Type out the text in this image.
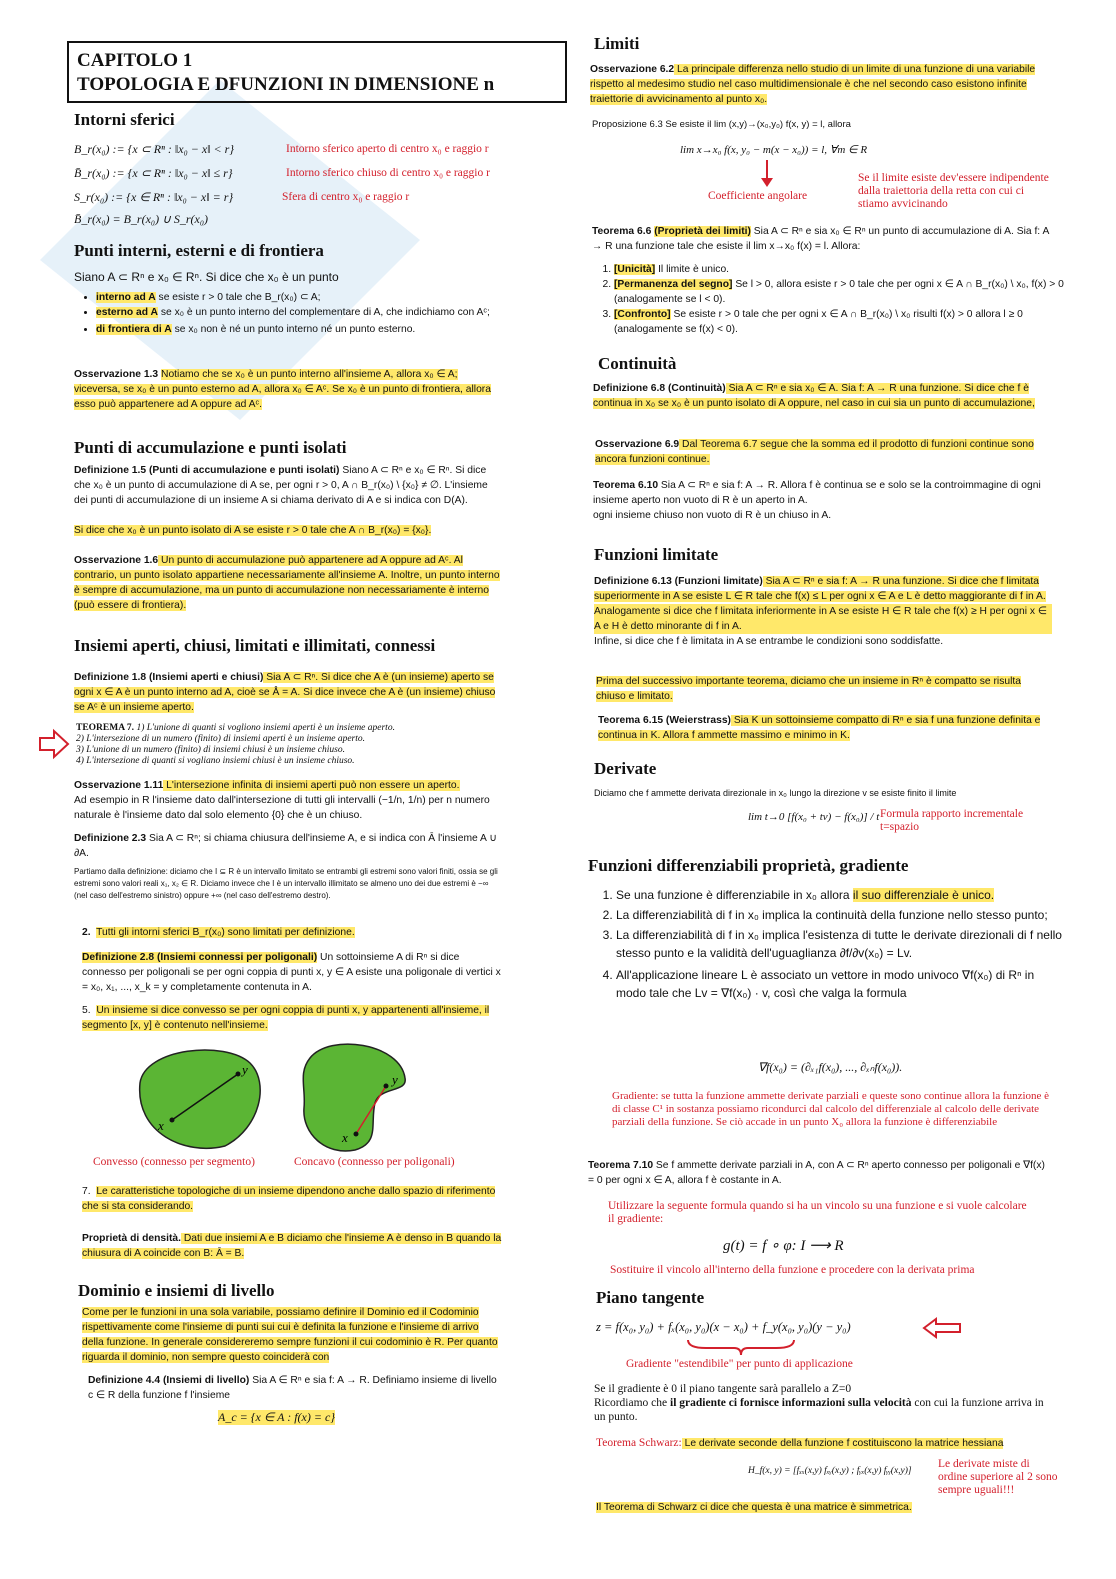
CAPITOLO 1
TOPOLOGIA E DFUNZIONI IN DIMENSIONE n
Intorni sferici
B_r(x₀) := {x ⊂ Rⁿ : ‖x₀ − x‖ < r}	Intorno sferico aperto di centro x₀ e raggio r
B̄_r(x₀) := {x ⊂ Rⁿ : ‖x₀ − x‖ ≤ r}	Intorno sferico chiuso di centro x₀ e raggio r
S_r(x₀) := {x ∈ Rⁿ : ‖x₀ − x‖ = r}	Sfera di centro x₀ e raggio r
B̄_r(x₀) = B_r(x₀) ∪ S_r(x₀)
Punti interni, esterni e di frontiera
Siano A ⊂ Rⁿ e x₀ ∈ Rⁿ. Si dice che x₀ è un punto
• interno ad A se esiste r > 0 tale che B_r(x₀) ⊂ A;
• esterno ad A se x₀ è un punto interno del complementare di A, che indichiamo con Aᶜ;
• di frontiera di A se x₀ non è né un punto interno né un punto esterno.
Osservazione 1.3 Notiamo che se x₀ è un punto interno all'insieme A, allora x₀ ∈ A; viceversa, se x₀ è un punto esterno ad A, allora x₀ ∈ Aᶜ. Se x₀ è un punto di frontiera, allora esso può appartenere ad A oppure ad Aᶜ.
Punti di accumulazione e punti isolati
Definizione 1.5 (Punti di accumulazione e punti isolati) Siano A ⊂ Rⁿ e x₀ ∈ Rⁿ. Si dice che x₀ è un punto di accumulazione di A se, per ogni r > 0, A ∩ B_r(x₀) \ {x₀} ≠ ∅. L'insieme dei punti di accumulazione di un insieme A si chiama derivato di A e si indica con D(A).
Si dice che x₀ è un punto isolato di A se esiste r > 0 tale che A ∩ B_r(x₀) = {x₀}.
Osservazione 1.6 Un punto di accumulazione può appartenere ad A oppure ad Aᶜ. Al contrario, un punto isolato appartiene necessariamente all'insieme A. Inoltre, un punto interno è sempre di accumulazione, ma un punto di accumulazione non necessariamente è interno (può essere di frontiera).
Insiemi aperti, chiusi, limitati e illimitati, connessi
Definizione 1.8 (Insiemi aperti e chiusi) Sia A ⊂ Rⁿ. Si dice che A è (un insieme) aperto se ogni x ∈ A è un punto interno ad A, cioè se Å = A. Si dice invece che A è (un insieme) chiuso se Aᶜ è un insieme aperto.
TEOREMA 7. 1) L'unione di quanti si vogliono insiemi aperti è un insieme aperto.
2) L'intersezione di un numero (finito) di insiemi aperti è un insieme aperto.
3) L'unione di un numero (finito) di insiemi chiusi è un insieme chiuso.
4) L'intersezione di quanti si vogliano insiemi chiusi è un insieme chiuso.
Osservazione 1.11 L'intersezione infinita di insiemi aperti può non essere un aperto.
Ad esempio in R l'insieme dato dall'intersezione di tutti gli intervalli (−1/n, 1/n) per n numero naturale è l'insieme dato dal solo elemento {0} che è un chiuso.
Definizione 2.3 Sia A ⊂ Rⁿ; si chiama chiusura dell'insieme A, e si indica con Ā l'insieme A ∪ ∂A.
Partiamo dalla definizione: diciamo che I ⊆ R è un intervallo limitato se entrambi gli estremi sono valori finiti, ossia se gli estremi sono valori reali x₁, x₂ ∈ R. Diciamo invece che I è un intervallo illimitato se almeno uno dei due estremi è −∞ (nel caso dell'estremo sinistro) oppure +∞ (nel caso dell'estremo destro).
2. Tutti gli intorni sferici B_r(x₀) sono limitati per definizione.
Definizione 2.8 (Insiemi connessi per poligonali) Un sottoinsieme A di Rⁿ si dice connesso per poligonali se per ogni coppia di punti x, y ∈ A esiste una poligonale di vertici x = x₀, x₁, ..., x_k = y completamente contenuta in A.
5. Un insieme si dice convesso se per ogni coppia di punti x, y appartenenti all'insieme, il segmento [x, y] è contenuto nell'insieme.
x
y
x
y
Convesso (connesso per segmento)	Concavo (connesso per poligonali)
7. Le caratteristiche topologiche di un insieme dipendono anche dallo spazio di riferimento che si sta considerando.
Proprietà di densità. Dati due insiemi A e B diciamo che l'insieme A è denso in B quando la chiusura di A coincide con B: Ā = B.
Dominio e insiemi di livello
Come per le funzioni in una sola variabile, possiamo definire il Dominio ed il Codominio rispettivamente come l'insieme di punti sui cui è definita la funzione e l'insieme di arrivo della funzione. In generale considereremo sempre funzioni il cui codominio è R. Per quanto riguarda il dominio, non sempre questo coinciderà con
Definizione 4.4 (Insiemi di livello) Sia A ∈ Rⁿ e sia f: A → R. Definiamo insieme di livello c ∈ R della funzione f l'insieme
A_c = {x ∈ A : f(x) = c}
Limiti
Osservazione 6.2 La principale differenza nello studio di un limite di una funzione di una variabile rispetto al medesimo studio nel caso multidimensionale è che nel secondo caso esistono infinite traiettorie di avvicinamento al punto x₀.
Proposizione 6.3 Se esiste il lim (x,y)→(x₀,y₀) f(x, y) = l, allora
lim x→x₀ f(x, y₀ − m(x − x₀)) = l, ∀m ∈ R
Coefficiente angolare
Se il limite esiste dev'essere indipendente dalla traiettoria della retta con cui ci stiamo avvicinando
Teorema 6.6 (Proprietà dei limiti) Sia A ⊂ Rⁿ e sia x₀ ∈ Rⁿ un punto di accumulazione di A. Sia f: A → R una funzione tale che esiste il lim x→x₀ f(x) = l. Allora:
1. [Unicità] Il limite è unico.
2. [Permanenza del segno] Se l > 0, allora esiste r > 0 tale che per ogni x ∈ A ∩ B_r(x₀) \ x₀, f(x) > 0 (analogamente se l < 0).
3. [Confronto] Se esiste r > 0 tale che per ogni x ∈ A ∩ B_r(x₀) \ x₀ risulti f(x) > 0 allora l ≥ 0 (analogamente se f(x) < 0).
Continuità
Definizione 6.8 (Continuità) Sia A ⊂ Rⁿ e sia x₀ ∈ A. Sia f: A → R una funzione. Si dice che f è continua in x₀ se x₀ è un punto isolato di A oppure, nel caso in cui sia un punto di accumulazione,
Osservazione 6.9 Dal Teorema 6.7 segue che la somma ed il prodotto di funzioni continue sono ancora funzioni continue.
Teorema 6.10 Sia A ⊂ Rⁿ e sia f: A → R. Allora f è continua se e solo se la controimmagine di ogni insieme aperto non vuoto di R è un aperto in A.
ogni insieme chiuso non vuoto di R è un chiuso in A.
Funzioni limitate
Definizione 6.13 (Funzioni limitate) Sia A ⊂ Rⁿ e sia f: A → R una funzione. Si dice che f limitata superiormente in A se esiste L ∈ R tale che f(x) ≤ L per ogni x ∈ A e L è detto maggiorante di f in A.
Analogamente si dice che f limitata inferiormente in A se esiste H ∈ R tale che f(x) ≥ H per ogni x ∈ A e H è detto minorante di f in A.
Infine, si dice che f è limitata in A se entrambe le condizioni sono soddisfatte.
Prima del successivo importante teorema, diciamo che un insieme in Rⁿ è compatto se risulta chiuso e limitato.
Teorema 6.15 (Weierstrass) Sia K un sottoinsieme compatto di Rⁿ e sia f una funzione definita e continua in K. Allora f ammette massimo e minimo in K.
Derivate
Diciamo che f ammette derivata direzionale in x₀ lungo la direzione v se esiste finito il limite
lim t→0 [f(x₀ + tv) − f(x₀)] / t Formula rapporto incrementale t=spazio
Funzioni differenziabili proprietà, gradiente
1. Se una funzione è differenziabile in x₀ allora il suo differenziale è unico.
2. La differenziabilità di f in x₀ implica la continuità della funzione nello stesso punto;
3. La differenziabilità di f in x₀ implica l'esistenza di tutte le derivate direzionali di f nello stesso punto e la validità dell'uguaglianza ∂f/∂v(x₀) = Lv.
4. All'applicazione lineare L è associato un vettore in modo univoco ∇f(x₀) di Rⁿ in modo tale che Lv = ∇f(x₀) · v, così che valga la formula
∇f(x₀) = (∂ₓ₁f(x₀), ..., ∂ₓₙf(x₀)).
Gradiente: se tutta la funzione ammette derivate parziali e queste sono continue allora la funzione è di classe C¹ in sostanza possiamo ricondurci dal calcolo del differenziale al calcolo delle derivate parziali della funzione. Se ciò accade in un punto X₀ allora la funzione è differenziabile
Teorema 7.10 Se f ammette derivate parziali in A, con A ⊂ Rⁿ aperto connesso per poligonali e ∇f(x) = 0 per ogni x ∈ A, allora f è costante in A.
Utilizzare la seguente formula quando si ha un vincolo su una funzione e si vuole calcolare il gradiente:
g(t) = f ∘ φ: I ⟶ R
Sostituire il vincolo all'interno della funzione e procedere con la derivata prima
Piano tangente
z = f(x₀, y₀) + fₓ(x₀, y₀)(x − x₀) + f_y(x₀, y₀)(y − y₀)
Gradiente "estendibile" per punto di applicazione
Se il gradiente è 0 il piano tangente sarà parallelo a Z=0
Ricordiamo che il gradiente ci fornisce informazioni sulla velocità con cui la funzione arriva in un punto.
Teorema Schwarz: Le derivate seconde della funzione f costituiscono la matrice hessiana
H_f(x, y) = [fₓₓ(x,y) fₓᵧ(x,y) ; fᵧₓ(x,y) fᵧᵧ(x,y)]
Le derivate miste di ordine superiore al 2 sono sempre uguali!!!
Il Teorema di Schwarz ci dice che questa è una matrice è simmetrica.
